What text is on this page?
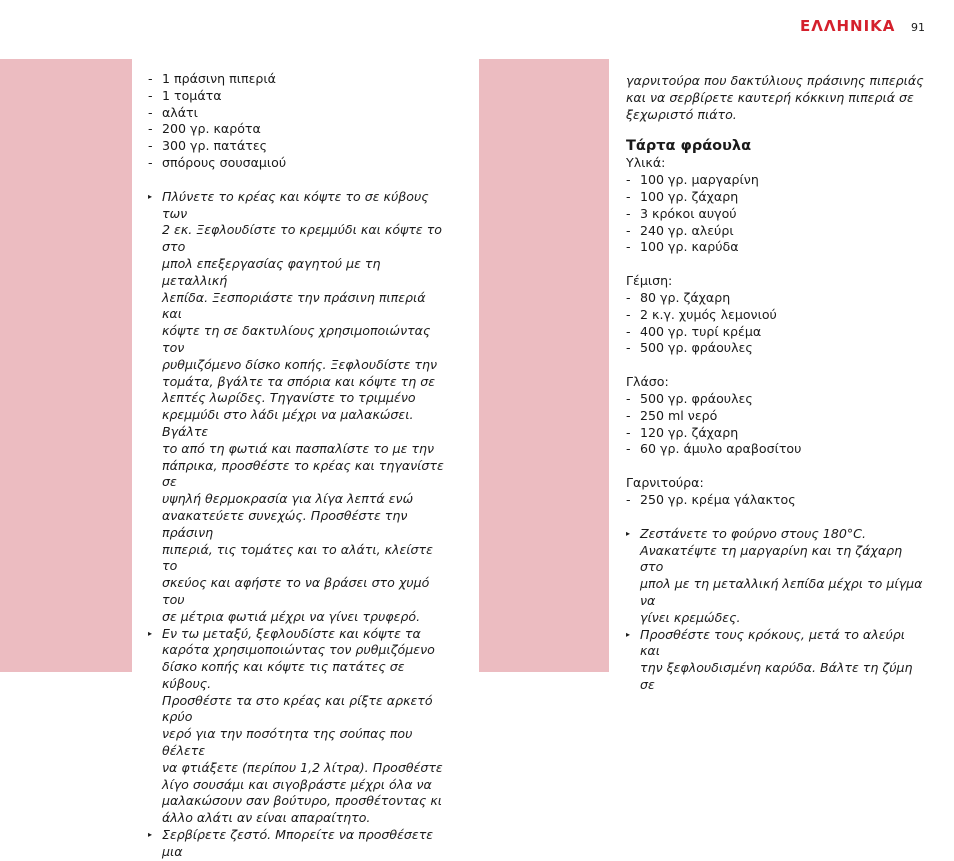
ΕΛΛΗΝΙΚΑ 91
- 1 πράσινη πιπεριά
- 1 τομάτα
- αλάτι
- 200 γρ. καρότα
- 300 γρ. πατάτες
- σπόρους σουσαμιού
▸ Πλύνετε το κρέας και κόψτε το σε κύβους των
2 εκ. Ξεφλουδίστε το κρεμμύδι και κόψτε το στο
μπολ επεξεργασίας φαγητού με τη μεταλλική
λεπίδα. Ξεσποριάστε την πράσινη πιπεριά και
κόψτε τη σε δακτυλίους χρησιμοποιώντας τον
ρυθμιζόμενο δίσκο κοπής. Ξεφλουδίστε την
τομάτα, βγάλτε τα σπόρια και κόψτε τη σε
λεπτές λωρίδες. Τηγανίστε το τριμμένο
κρεμμύδι στο λάδι μέχρι να μαλακώσει. Βγάλτε
το από τη φωτιά και πασπαλίστε το με την
πάπρικα, προσθέστε το κρέας και τηγανίστε σε
υψηλή θερμοκρασία για λίγα λεπτά ενώ
ανακατεύετε συνεχώς. Προσθέστε την πράσινη
πιπεριά, τις τομάτες και το αλάτι, κλείστε το
σκεύος και αφήστε το να βράσει στο χυμό του
σε μέτρια φωτιά μέχρι να γίνει τρυφερό.
▸ Εν τω μεταξύ, ξεφλουδίστε και κόψτε τα
καρότα χρησιμοποιώντας τον ρυθμιζόμενο
δίσκο κοπής και κόψτε τις πατάτες σε κύβους.
Προσθέστε τα στο κρέας και ρίξτε αρκετό κρύο
νερό για την ποσότητα της σούπας που θέλετε
να φτιάξετε (περίπου 1,2 λίτρα). Προσθέστε
λίγο σουσάμι και σιγοβράστε μέχρι όλα να
μαλακώσουν σαν βούτυρο, προσθέτοντας κι
άλλο αλάτι αν είναι απαραίτητο.
▸ Σερβίρετε ζεστό. Μπορείτε να προσθέσετε μια
γαρνιτούρα που δακτύλιους πράσινης πιπεριάς
και να σερβίρετε καυτερή κόκκινη πιπεριά σε
ξεχωριστό πιάτο.
Τάρτα φράουλα
Υλικά:
- 100 γρ. μαργαρίνη
- 100 γρ. ζάχαρη
- 3 κρόκοι αυγού
- 240 γρ. αλεύρι
- 100 γρ. καρύδα
Γέμιση:
- 80 γρ. ζάχαρη
- 2 κ.γ. χυμός λεμονιού
- 400 γρ. τυρί κρέμα
- 500 γρ. φράουλες
Γλάσο:
- 500 γρ. φράουλες
- 250 ml νερό
- 120 γρ. ζάχαρη
- 60 γρ. άμυλο αραβοσίτου
Γαρνιτούρα:
- 250 γρ. κρέμα γάλακτος
▸ Ζεστάνετε το φούρνο στους 180°C.
Ανακατέψτε τη μαργαρίνη και τη ζάχαρη στο
μπολ με τη μεταλλική λεπίδα μέχρι το μίγμα να
γίνει κρεμώδες.
▸ Προσθέστε τους κρόκους, μετά το αλεύρι και
την ξεφλουδισμένη καρύδα. Βάλτε τη ζύμη σε
